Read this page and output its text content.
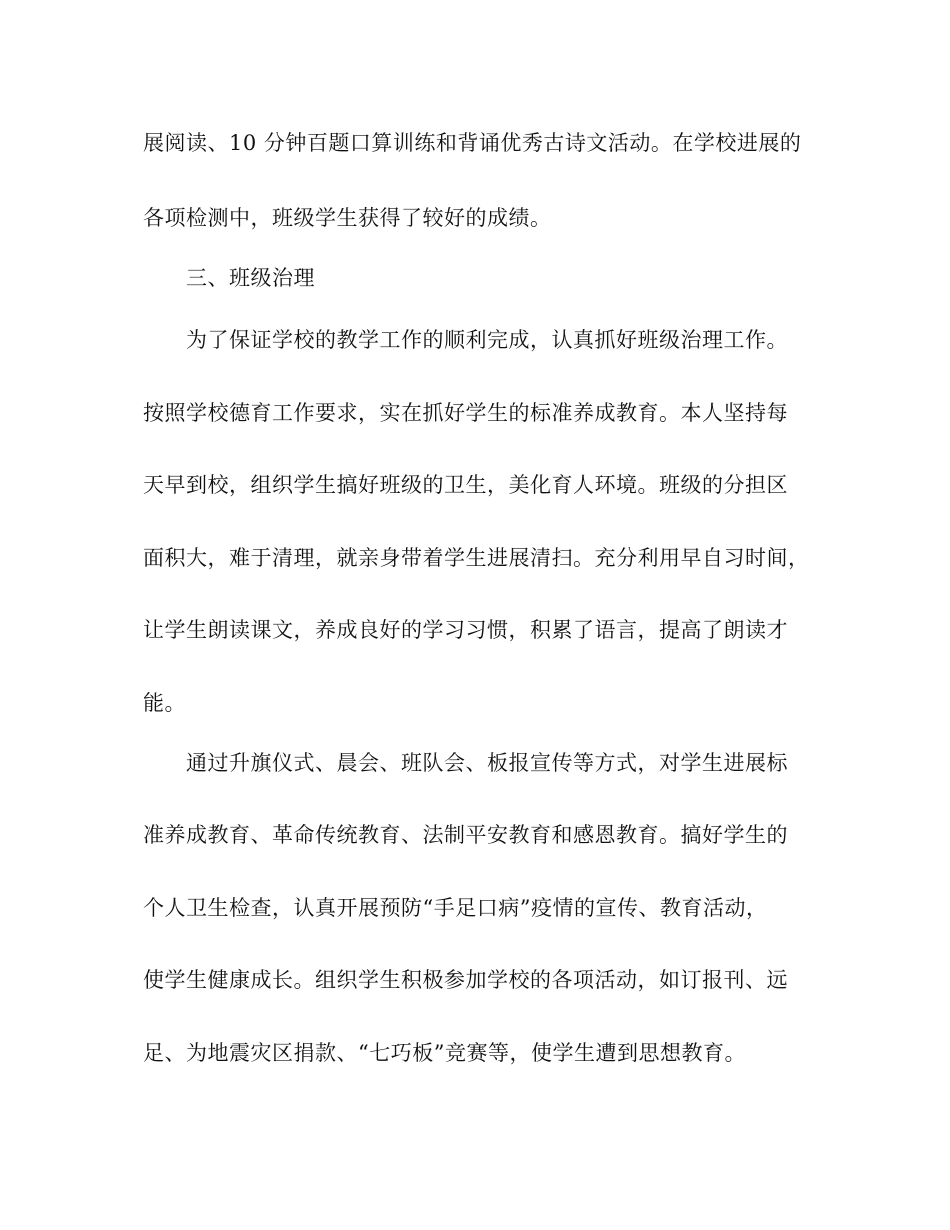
展阅读、10 分钟百题口算训练和背诵优秀古诗文活动。在学校进展的
各项检测中，班级学生获得了较好的成绩。
三、班级治理
为了保证学校的教学工作的顺利完成，认真抓好班级治理工作。
按照学校德育工作要求，实在抓好学生的标准养成教育。本人坚持每
天早到校，组织学生搞好班级的卫生，美化育人环境。班级的分担区
面积大，难于清理，就亲身带着学生进展清扫。充分利用早自习时间，
让学生朗读课文，养成良好的学习习惯，积累了语言，提高了朗读才
能。
通过升旗仪式、晨会、班队会、板报宣传等方式，对学生进展标
准养成教育、革命传统教育、法制平安教育和感恩教育。搞好学生的
个人卫生检查，认真开展预防“手足口病”疫情的宣传、教育活动，
使学生健康成长。组织学生积极参加学校的各项活动，如订报刊、远
足、为地震灾区捐款、“七巧板”竞赛等，使学生遭到思想教育。
